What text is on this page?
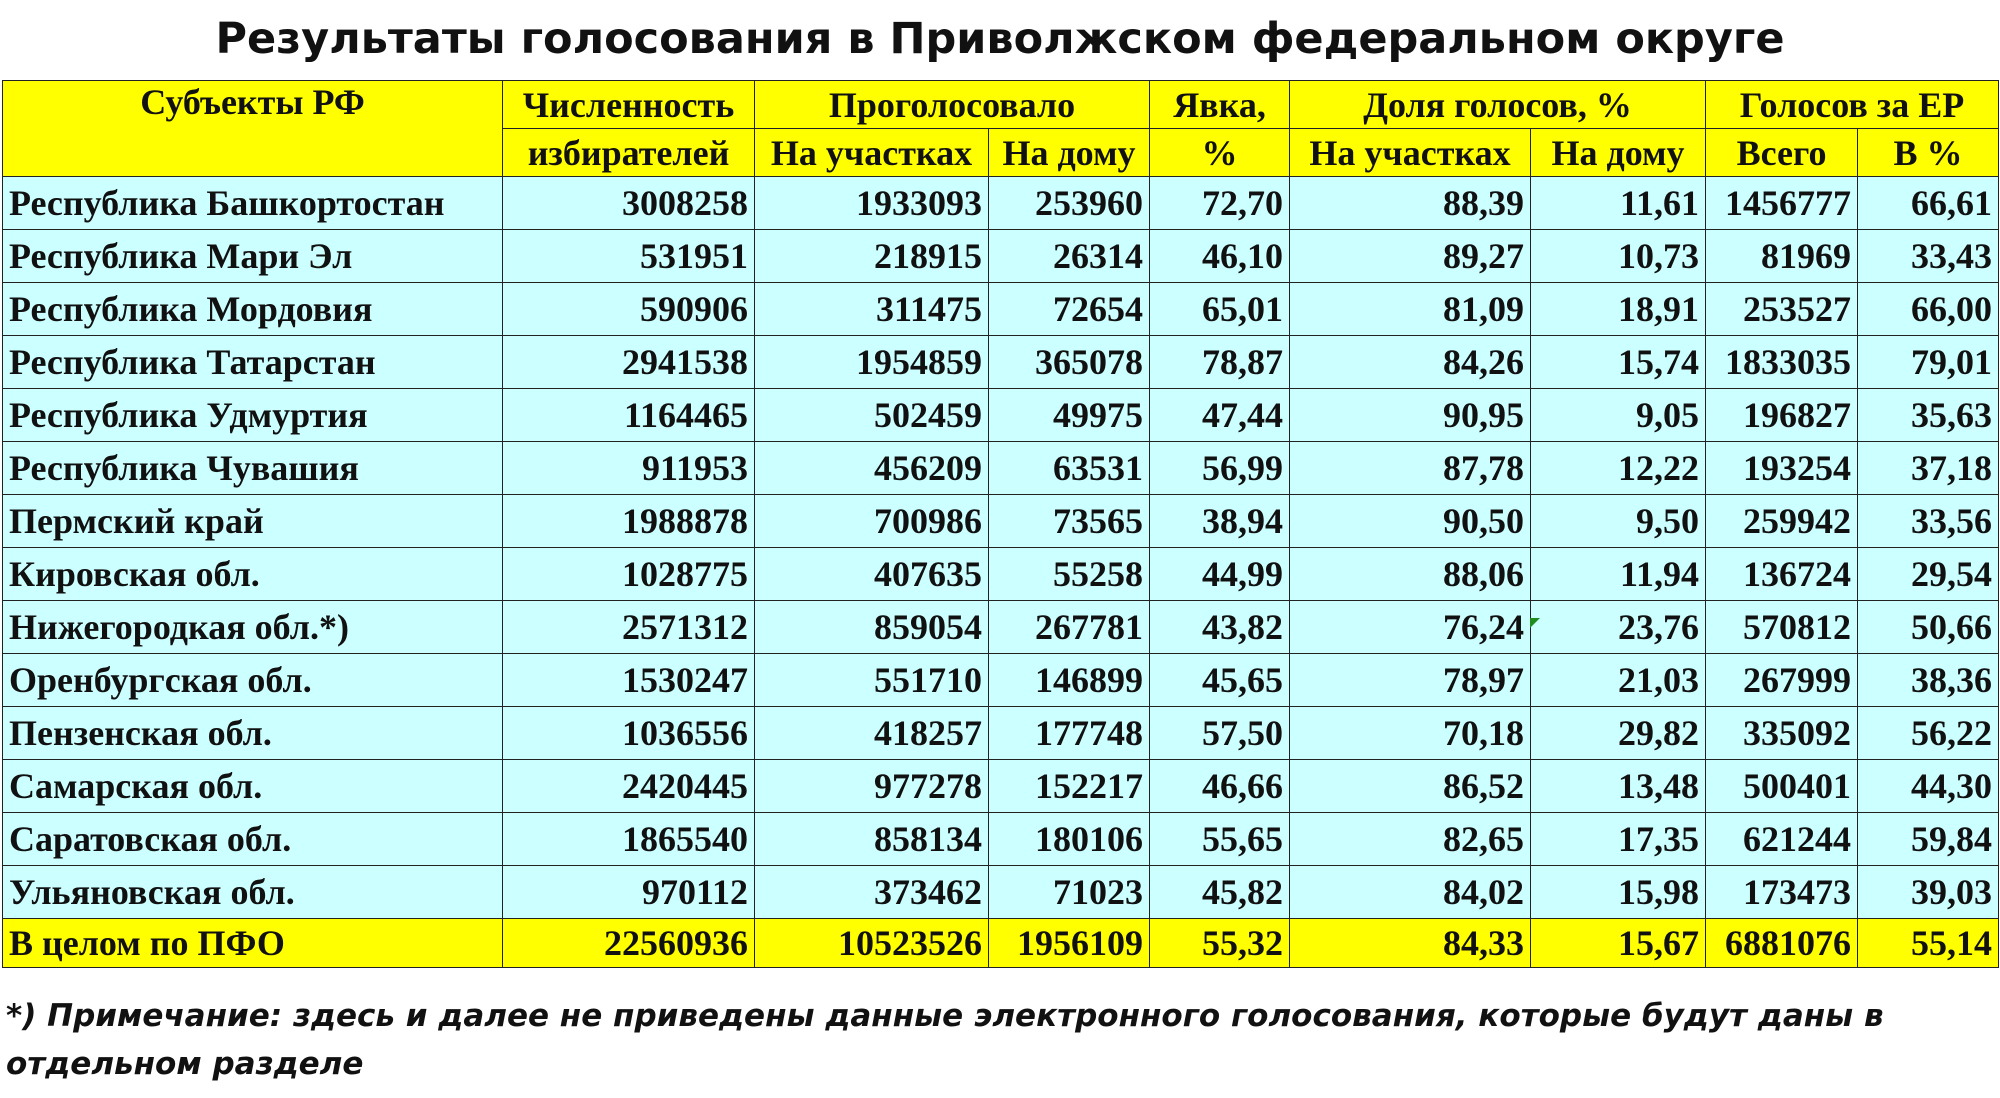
Результаты голосования в Приволжском федеральном округе
Субъекты РФ	Численность	Проголосовало		Явка,	Доля голосов, %		Голосов за ЕР	
	избирателей	На участках	На дому	%	На участках	На дому	Всего	В %
Республика Башкортостан	3008258	1933093	253960	72,70	88,39	11,61	1456777	66,61
Республика Мари Эл	531951	218915	26314	46,10	89,27	10,73	81969	33,43
Республика Мордовия	590906	311475	72654	65,01	81,09	18,91	253527	66,00
Республика Татарстан	2941538	1954859	365078	78,87	84,26	15,74	1833035	79,01
Республика Удмуртия	1164465	502459	49975	47,44	90,95	9,05	196827	35,63
Республика Чувашия	911953	456209	63531	56,99	87,78	12,22	193254	37,18
Пермский край	1988878	700986	73565	38,94	90,50	9,50	259942	33,56
Кировская обл.	1028775	407635	55258	44,99	88,06	11,94	136724	29,54
Нижегородкая обл.*)	2571312	859054	267781	43,82	76,24	23,76	570812	50,66
Оренбургская обл.	1530247	551710	146899	45,65	78,97	21,03	267999	38,36
Пензенская обл.	1036556	418257	177748	57,50	70,18	29,82	335092	56,22
Самарская обл.	2420445	977278	152217	46,66	86,52	13,48	500401	44,30
Саратовская обл.	1865540	858134	180106	55,65	82,65	17,35	621244	59,84
Ульяновская обл.	970112	373462	71023	45,82	84,02	15,98	173473	39,03
В целом по ПФО	22560936	10523526	1956109	55,32	84,33	15,67	6881076	55,14
*) Примечание: здесь и далее не приведены данные электронного голосования, которые будут даны в
отдельном разделе
